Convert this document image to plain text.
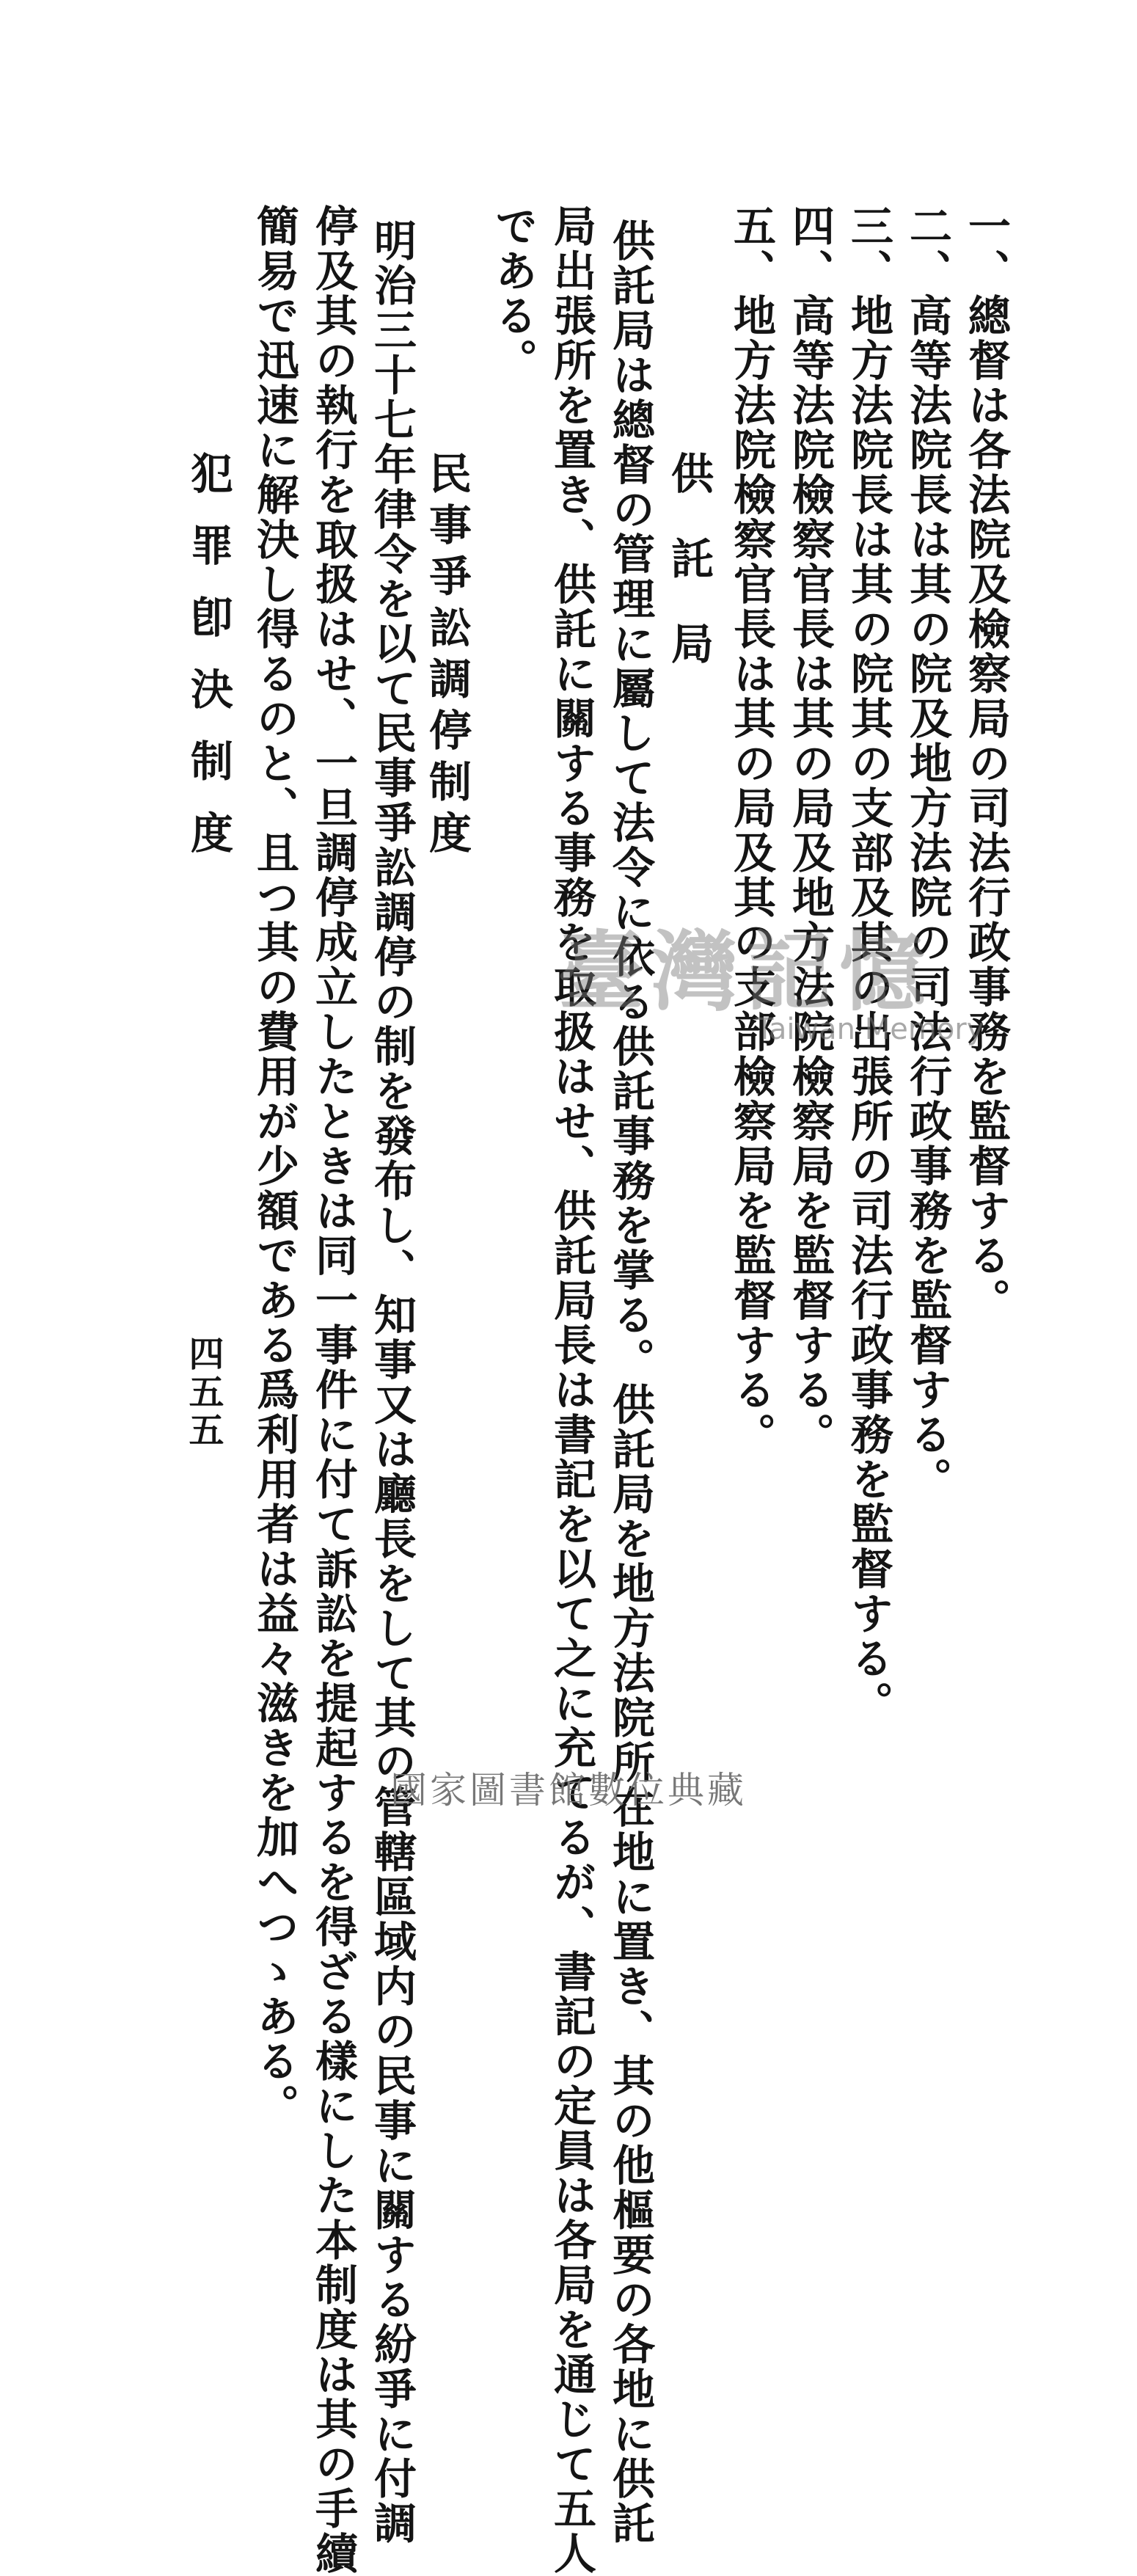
一、總督は各法院及檢察局の司法行政事務を監督する。
二、高等法院長は其の院及地方法院の司法行政事務を監督する。
三、地方法院長は其の院其の支部及其の出張所の司法行政事務を監督する。
四、高等法院檢察官長は其の局及地方法院檢察局を監督する。
五、地方法院檢察官長は其の局及其の支部檢察局を監督する。
供託局
供託局は總督の管理に屬して法令に依る供託事務を掌る。供託局を地方法院所在地に置き、其の他樞要の各地に供託
局出張所を置き、供託に關する事務を取扱はせ、供託局長は書記を以て之に充てるが、書記の定員は各局を通じて五人
である。
民事爭訟調停制度
明治三十七年律令を以て民事爭訟調停の制を發布し、知事又は廳長をして其の管轄區域内の民事に關する紛爭に付調
停及其の執行を取扱はせ、一旦調停成立したときは同一事件に付て訴訟を提起するを得ざる樣にした本制度は其の手續
簡易で迅速に解決し得るのと、且つ其の費用が少額である爲利用者は益々滋きを加へつゝある。
犯罪卽決制度
四五五
臺灣記憶
Taiwan Memory
國家圖書館數位典藏
